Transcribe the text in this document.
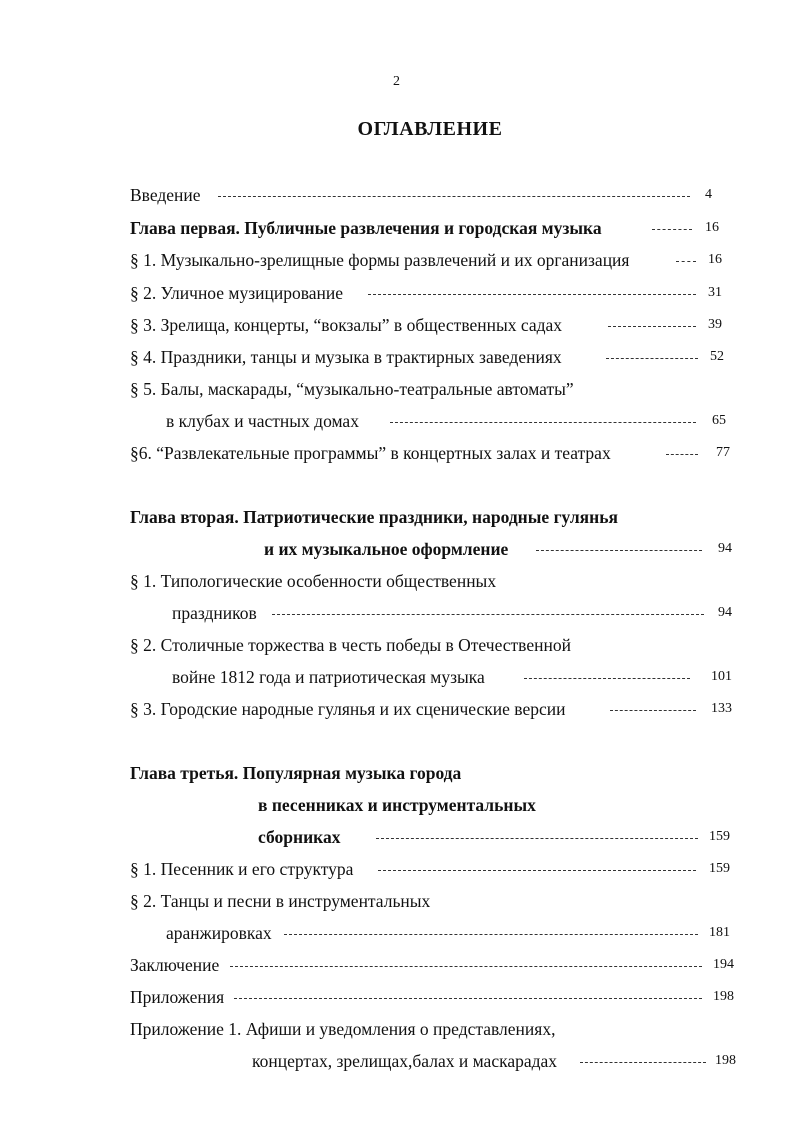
2
ОГЛАВЛЕНИЕ
Введение	4
Глава первая. Публичные развлечения и городская музыка	16
§ 1. Музыкально-зрелищные формы развлечений и их организация	16
§ 2. Уличное музицирование	31
§ 3. Зрелища, концерты, “вокзалы” в общественных садах	39
§ 4. Праздники, танцы и музыка в трактирных заведениях	52
§ 5. Балы, маскарады, “музыкально-театральные автоматы”
в клубах и частных домах	65
§6. “Развлекательные программы” в концертных залах и театрах	77
Глава вторая. Патриотические праздники, народные гулянья
и их музыкальное оформление	94
§ 1. Типологические особенности общественных
праздников	94
§ 2. Столичные торжества в честь победы в Отечественной
войне 1812 года и патриотическая музыка	101
§ 3. Городские народные гулянья и их сценические версии	133
Глава третья. Популярная музыка города
в песенниках и инструментальных
сборниках	159
§ 1. Песенник и его структура	159
§ 2. Танцы и песни в инструментальных
аранжировках	181
Заключение	194
Приложения	198
Приложение 1. Афиши и уведомления о представлениях,
концертах, зрелищах,балах и маскарадах	198
